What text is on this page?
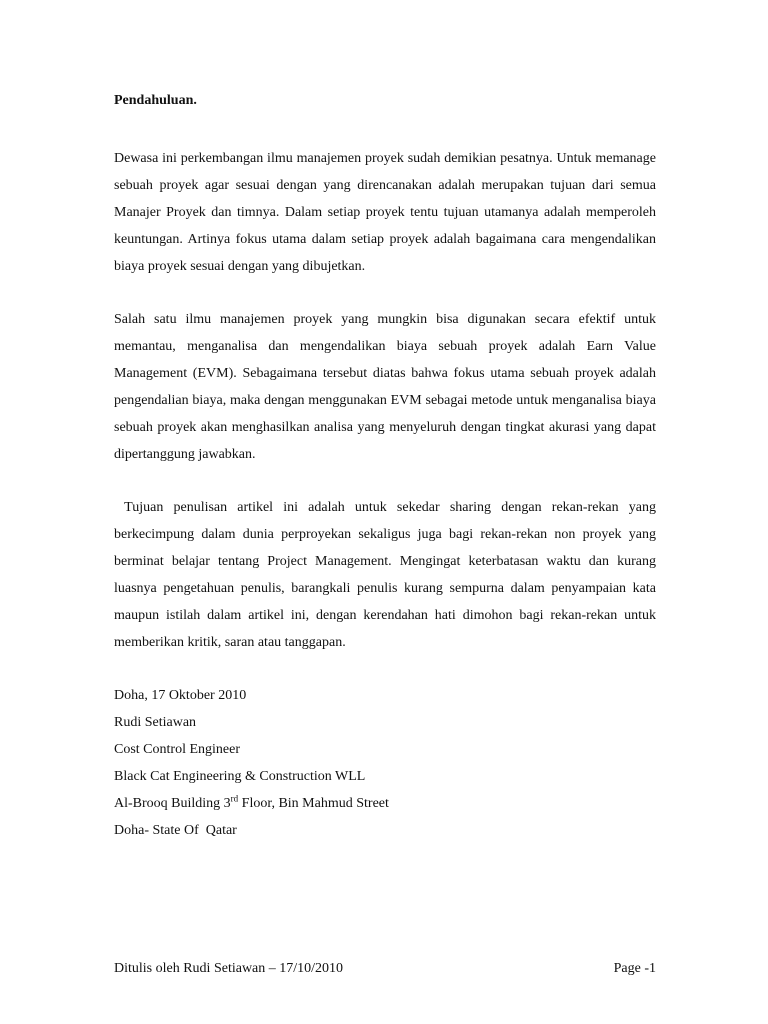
Pendahuluan.

Dewasa ini perkembangan ilmu manajemen proyek sudah demikian pesatnya. Untuk memanage sebuah proyek agar sesuai dengan yang direncanakan adalah merupakan tujuan dari semua Manajer Proyek dan timnya. Dalam setiap proyek tentu tujuan utamanya adalah memperoleh keuntungan. Artinya fokus utama dalam setiap proyek adalah bagaimana cara mengendalikan biaya proyek sesuai dengan yang dibujetkan.

Salah satu ilmu manajemen proyek yang mungkin bisa digunakan secara efektif untuk memantau, menganalisa dan mengendalikan biaya sebuah proyek adalah Earn Value Management (EVM). Sebagaimana tersebut diatas bahwa fokus utama sebuah proyek adalah pengendalian biaya, maka dengan menggunakan EVM sebagai metode untuk menganalisa biaya sebuah proyek akan menghasilkan analisa yang menyeluruh dengan tingkat akurasi yang dapat dipertanggung jawabkan.

Tujuan penulisan artikel ini adalah untuk sekedar sharing dengan rekan-rekan yang berkecimpung dalam dunia perproyekan sekaligus juga bagi rekan-rekan non proyek yang berminat belajar tentang Project Management. Mengingat keterbatasan waktu dan kurang luasnya pengetahuan penulis, barangkali penulis kurang sempurna dalam penyampaian kata maupun istilah dalam artikel ini, dengan kerendahan hati dimohon bagi rekan-rekan untuk memberikan kritik, saran atau tanggapan.

Doha, 17 Oktober 2010
Rudi Setiawan
Cost Control Engineer
Black Cat Engineering & Construction WLL
Al-Brooq Building 3rd Floor, Bin Mahmud Street
Doha- State Of  Qatar
Ditulis oleh Rudi Setiawan – 17/10/2010	Page -1
